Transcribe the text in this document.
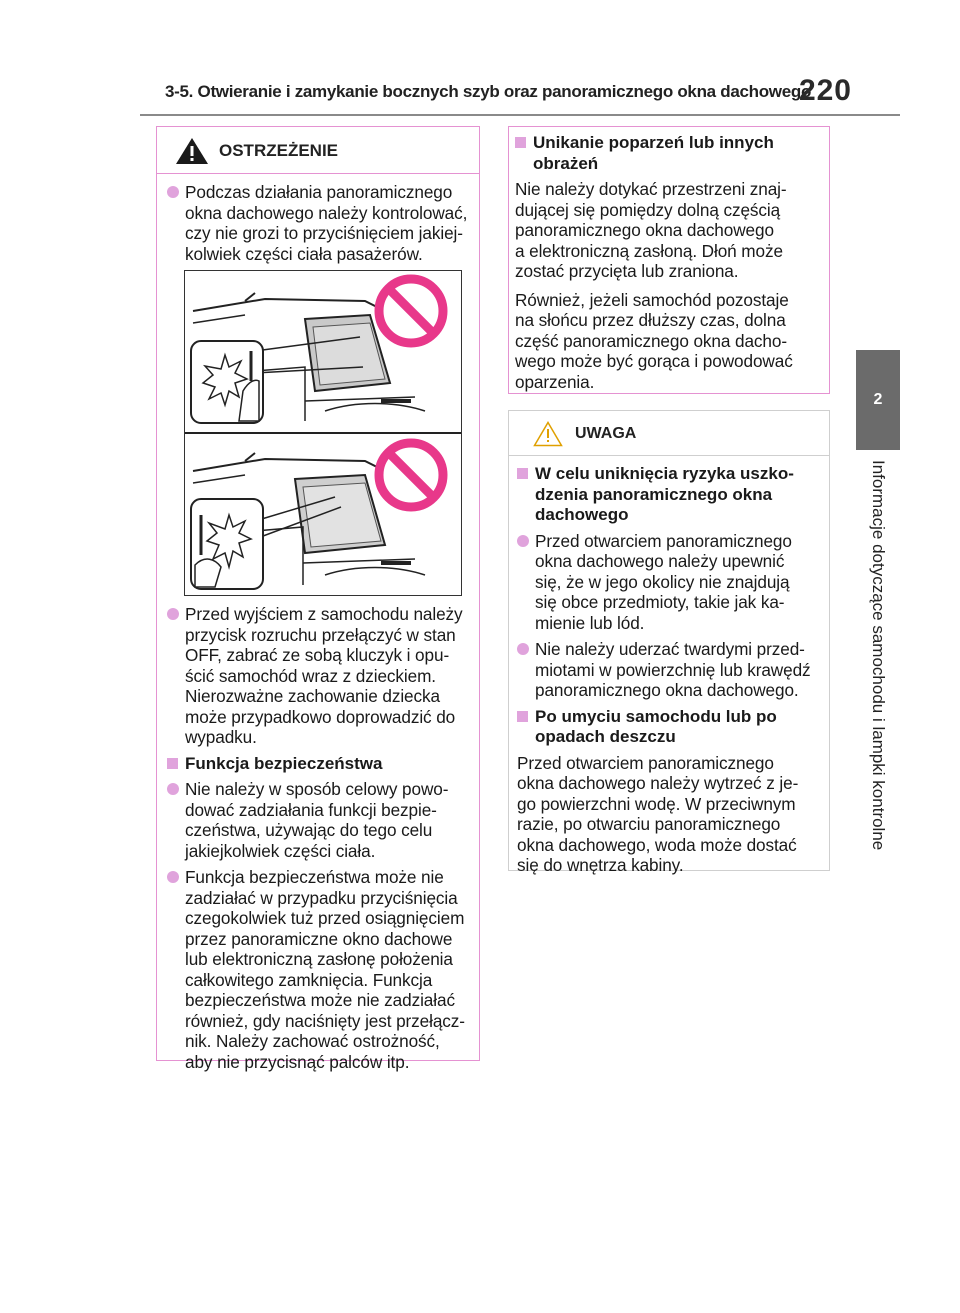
3-5. Otwieranie i zamykanie bocznych szyb oraz panoramicznego okna dachowego
220
2
Informacje dotyczące samochodu i lampki kontrolne
OSTRZEŻENIE
Podczas działania panoramicznego
okna dachowego należy kontrolować,
czy nie grozi to przyciśnięciem jakiej-
kolwiek części ciała pasażerów.
Przed wyjściem z samochodu należy
przycisk rozruchu przełączyć w stan
OFF, zabrać ze sobą kluczyk i opu-
ścić samochód wraz z dzieckiem.
Nierozważne zachowanie dziecka
może przypadkowo doprowadzić do
wypadku.
Funkcja bezpieczeństwa
Nie należy w sposób celowy powo-
dować zadziałania funkcji bezpie-
czeństwa, używając do tego celu
jakiejkolwiek części ciała.
Funkcja bezpieczeństwa może nie
zadziałać w przypadku przyciśnięcia
czegokolwiek tuż przed osiągnięciem
przez panoramiczne okno dachowe
lub elektroniczną zasłonę położenia
całkowitego zamknięcia. Funkcja
bezpieczeństwa może nie zadziałać
również, gdy naciśnięty jest przełącz-
nik. Należy zachować ostrożność,
aby nie przycisnąć palców itp.
Unikanie poparzeń lub innych
obrażeń
Nie należy dotykać przestrzeni znaj-
dującej się pomiędzy dolną częścią
panoramicznego okna dachowego
a elektroniczną zasłoną. Dłoń może
zostać przycięta lub zraniona.
Również, jeżeli samochód pozostaje
na słońcu przez dłuższy czas, dolna
część panoramicznego okna dacho-
wego może być gorąca i powodować
oparzenia.
UWAGA
W celu uniknięcia ryzyka uszko-
dzenia panoramicznego okna
dachowego
Przed otwarciem panoramicznego
okna dachowego należy upewnić
się, że w jego okolicy nie znajdują
się obce przedmioty, takie jak ka-
mienie lub lód.
Nie należy uderzać twardymi przed-
miotami w powierzchnię lub krawędź
panoramicznego okna dachowego.
Po umyciu samochodu lub po
opadach deszczu
Przed otwarciem panoramicznego
okna dachowego należy wytrzeć z je-
go powierzchni wodę. W przeciwnym
razie, po otwarciu panoramicznego
okna dachowego, woda może dostać
się do wnętrza kabiny.
